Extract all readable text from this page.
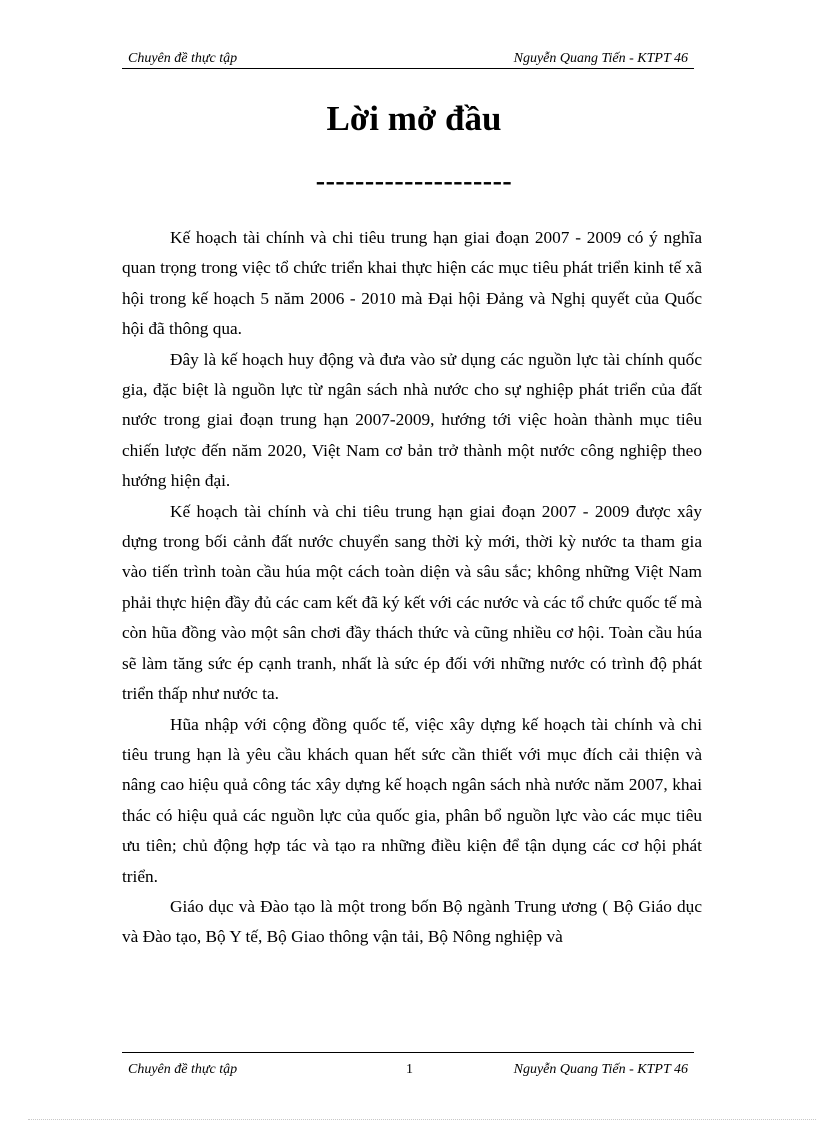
Chuyên đề thực tập	Nguyễn Quang Tiến - KTPT 46
Lời mở đầu
--------------------

Kế hoạch tài chính và chi tiêu trung hạn giai đoạn 2007 - 2009 có ý nghĩa quan trọng trong việc tổ chức triển khai thực hiện các mục tiêu phát triển kinh tế xã hội trong kế hoạch 5 năm 2006 - 2010 mà Đại hội Đảng và Nghị quyết của Quốc hội đã thông qua.

Đây là kế hoạch huy động và đưa vào sử dụng các nguồn lực tài chính quốc gia, đặc biệt là nguồn lực từ ngân sách nhà nước cho sự nghiệp phát triển của đất nước trong giai đoạn trung hạn 2007-2009, hướng tới việc hoàn thành mục tiêu chiến lược đến năm 2020, Việt Nam cơ bản trở thành một nước công nghiệp theo hướng hiện đại.

Kế hoạch tài chính và chi tiêu trung hạn giai đoạn 2007 - 2009 được xây dựng trong bối cảnh đất nước chuyển sang thời kỳ mới, thời kỳ nước ta tham gia vào tiến trình toàn cầu húa một cách toàn diện và sâu sắc; không những Việt Nam phải thực hiện đầy đủ các cam kết đã ký kết với các nước và các tổ chức quốc tế mà còn hũa đồng vào một sân chơi đầy thách thức và cũng nhiều cơ hội. Toàn cầu húa sẽ làm tăng sức ép cạnh tranh, nhất là sức ép đối với những nước có trình độ phát triển thấp như nước ta.

Hũa nhập với cộng đồng quốc tế, việc xây dựng kế hoạch tài chính và chi tiêu trung hạn là yêu cầu khách quan hết sức cần thiết với mục đích cải thiện và nâng cao hiệu quả công tác xây dựng kế hoạch ngân sách nhà nước năm 2007, khai thác có hiệu quả các nguồn lực của quốc gia, phân bổ nguồn lực vào các mục tiêu ưu tiên; chủ động hợp tác và tạo ra những điều kiện để tận dụng các cơ hội phát triển.

Giáo dục và Đào tạo là một trong bốn Bộ ngành Trung ương ( Bộ Giáo dục và Đào tạo, Bộ Y tế, Bộ Giao thông vận tải, Bộ Nông nghiệp và

Chuyên đề thực tập	1	Nguyễn Quang Tiến - KTPT 46
